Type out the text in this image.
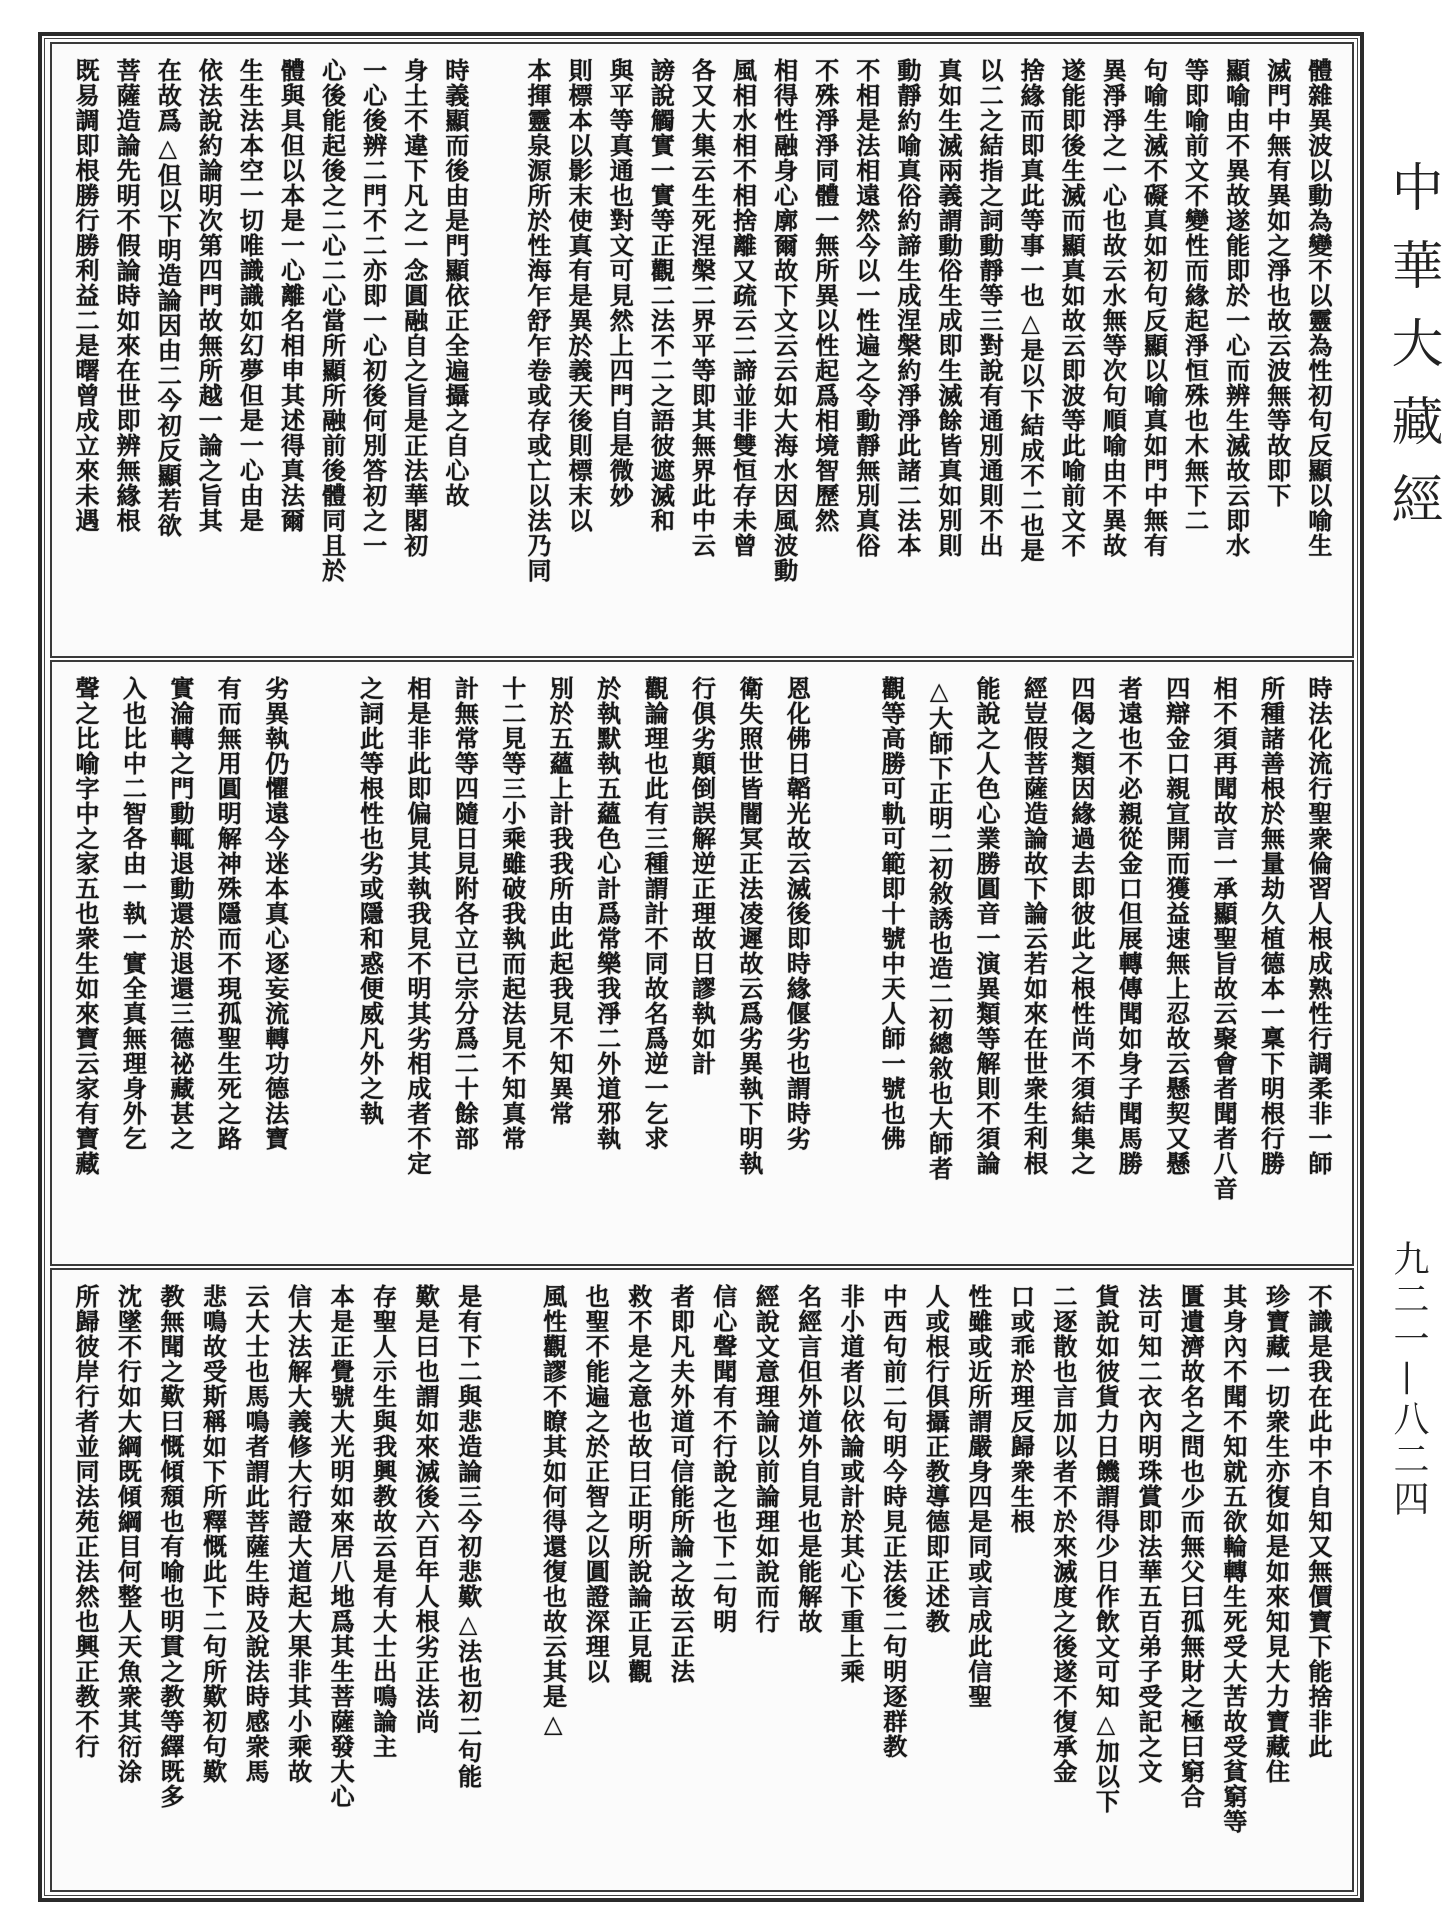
體雜異波以動為變不以靈為性初句反顯以喻生
滅門中無有異如之淨也故云波無等故即下
顯喻由不異故遂能即於一心而辨生滅故云即水
等即喻前文不變性而緣起淨恒殊也木無下二
句喻生滅不礙真如初句反顯以喻真如門中無有
異淨淨之一心也故云水無等次句順喻由不異故
遂能即後生滅而顯真如故云即波等此喻前文不
捨緣而即真此等事一也△是以下結成不二也是
以二之結指之詞動靜等三對說有通別通則不出
真如生滅兩義謂動俗生成即生滅餘皆真如別則
動靜約喻真俗約諦生成涅槃約淨淨此諸二法本
不相是法相遠然今以一性遍之令動靜無別真俗
不殊淨淨同體一無所異以性起爲相境智歷然
相得性融身心廓爾故下文云云如大海水因風波動
風相水相不相捨離又疏云二諦並非雙恒存未曾
各又大集云生死涅槃二界平等即其無界此中云
謗說觸實一實等正觀二法不二之語彼遮滅和
與平等真通也對文可見然上四門自是微妙
則標本以影末使真有是異於義天後則標末以
本揮靈泉源所於性海乍舒乍卷或存或亡以法乃同
時義顯而後由是門顯依正全遍攝之自心故
身土不違下凡之一念圓融自之旨是正法華閣初
一心後辨二門不二亦即一心初後何別答初之一
心後能起後之二心二心當所顯所融前後體同且於
體與具但以本是一心離名相申其述得真法爾
生生法本空一切唯識識如幻夢但是一心由是
依法說約論明次第四門故無所越一論之旨其
在故爲△但以下明造論因由二今初反顯若欲
菩薩造論先明不假論時如來在世即辨無緣根
既易調即根勝行勝利益二是曙曾成立來未遇
時法化流行聖衆倫習人根成熟性行調柔非一師
所種諸善根於無量劫久植德本一稟下明根行勝
相不須再聞故言一承顯聖旨故云聚會者聞者八音
四辯金口親宣開而獲益速無上忍故云懸契又懸
者遠也不必親從金口但展轉傳聞如身子聞馬勝
四偈之類因緣過去即彼此之根性尚不須結集之
經豈假菩薩造論故下論云若如來在世衆生利根
能說之人色心業勝圓音一演異類等解則不須論
△大師下正明二初敘誘也造二初總敘也大師者
觀等高勝可軌可範即十號中天人師一號也佛
恩化佛日韜光故云滅後即時緣偃劣也謂時劣
衛失照世皆闇冥正法凌遲故云爲劣異執下明執
行俱劣顛倒誤解逆正理故日謬執如計
觀論理也此有三種謂計不同故名爲逆一乞求
於執默執五蘊色心計爲常樂我淨二外道邪執
別於五蘊上計我我所由此起我見不知異常
十二見等三小乘雖破我執而起法見不知真常
計無常等四隨日見附各立已宗分爲二十餘部
相是非此即偏見其執我見不明其劣相成者不定
之詞此等根性也劣或隱和惑便威凡外之執
劣異執仍懼遠今迷本真心逐妄流轉功德法寶
有而無用圓明解神殊隱而不現孤聖生死之路
實淪轉之門動輒退動還於退還三德祕藏甚之
入也比中二智各由一執一實全真無理身外乞
聲之比喻字中之家五也衆生如來寶云家有寶藏
不識是我在此中不自知又無價寶下能捨非此
珍寶藏一切衆生亦復如是如來知見大力寶藏住
其身內不聞不知就五欲輪轉生死受大苦故受貧窮等
匱遺濟故名之問也少而無父曰孤無財之極曰窮合
法可知二衣內明珠賞即法華五百弟子受記之文
貨說如彼貨力日饑謂得少日作飲文可知△加以下
二逐散也言加以者不於來滅度之後遂不復承金
口或乖於理反歸衆生根
性雖或近所謂嚴身四是同或言成此信聖
人或根行俱攝正教導德即正述教
中西句前二句明今時見正法後二句明逐群教
非小道者以依論或計於其心下重上乘
名經言但外道外自見也是能解故
經說文意理論以前論理如說而行
信心聲聞有不行說之也下二句明
者即凡夫外道可信能所論之故云正法
救不是之意也故曰正明所說論正見觀
也聖不能遍之於正智之以圓證深理以
風性觀謬不瞭其如何得還復也故云其是△
是有下二與悲造論三今初悲歎△法也初二句能
歎是曰也謂如來滅後六百年人根劣正法尚
存聖人示生與我興教故云是有大士出鳴論主
本是正覺號大光明如來居八地爲其生菩薩發大心
信大法解大義修大行證大道起大果非其小乘故
云大士也馬鳴者謂此菩薩生時及說法時感衆馬
悲鳴故受斯稱如下所釋慨此下二句所歎初句歎
教無聞之歎曰慨傾頹也有喻也明貫之教等繹既多
沈墜不行如大綱既傾綱目何整人天魚衆其衍涂
所歸彼岸行者並同法苑正法然也興正教不行
中華大藏經
九二一—八二四
